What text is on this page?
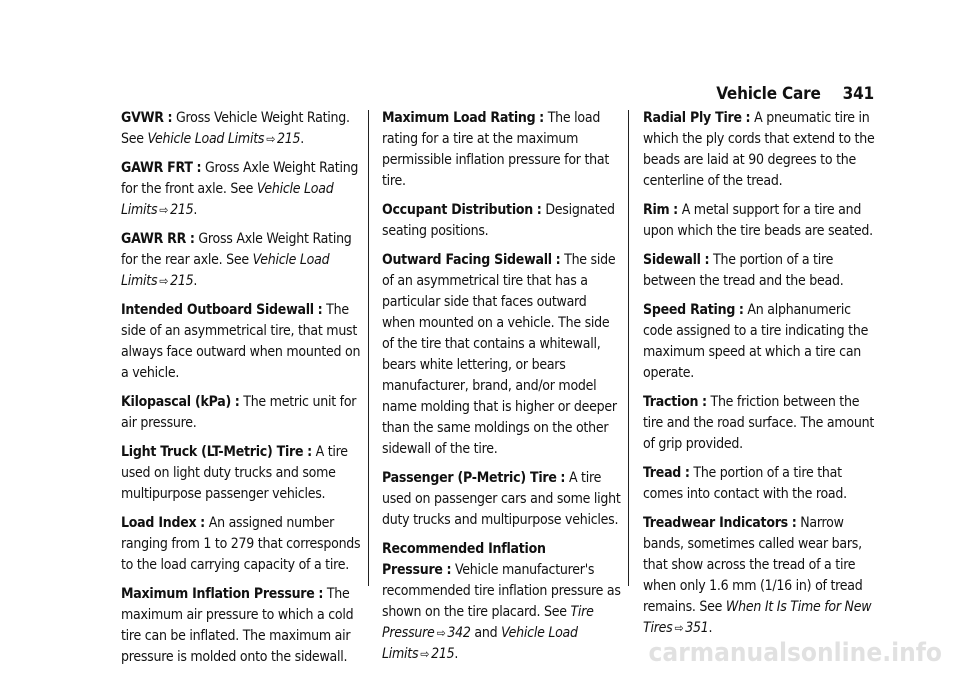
Vehicle Care 341

GVWR : Gross Vehicle Weight Rating. See Vehicle Load Limits ⇨ 215.

GAWR FRT : Gross Axle Weight Rating for the front axle. See Vehicle Load Limits ⇨ 215.

GAWR RR : Gross Axle Weight Rating for the rear axle. See Vehicle Load Limits ⇨ 215.

Intended Outboard Sidewall : The side of an asymmetrical tire, that must always face outward when mounted on a vehicle.

Kilopascal (kPa) : The metric unit for air pressure.

Light Truck (LT-Metric) Tire : A tire used on light duty trucks and some multipurpose passenger vehicles.

Load Index : An assigned number ranging from 1 to 279 that corresponds to the load carrying capacity of a tire.

Maximum Inflation Pressure : The maximum air pressure to which a cold tire can be inflated. The maximum air pressure is molded onto the sidewall.

Maximum Load Rating : The load rating for a tire at the maximum permissible inflation pressure for that tire.

Occupant Distribution : Designated seating positions.

Outward Facing Sidewall : The side of an asymmetrical tire that has a particular side that faces outward when mounted on a vehicle. The side of the tire that contains a whitewall, bears white lettering, or bears manufacturer, brand, and/or model name molding that is higher or deeper than the same moldings on the other sidewall of the tire.

Passenger (P-Metric) Tire : A tire used on passenger cars and some light duty trucks and multipurpose vehicles.

Recommended Inflation Pressure : Vehicle manufacturer's recommended tire inflation pressure as shown on the tire placard. See Tire Pressure ⇨ 342 and Vehicle Load Limits ⇨ 215.

Radial Ply Tire : A pneumatic tire in which the ply cords that extend to the beads are laid at 90 degrees to the centerline of the tread.

Rim : A metal support for a tire and upon which the tire beads are seated.

Sidewall : The portion of a tire between the tread and the bead.

Speed Rating : An alphanumeric code assigned to a tire indicating the maximum speed at which a tire can operate.

Traction : The friction between the tire and the road surface. The amount of grip provided.

Tread : The portion of a tire that comes into contact with the road.

Treadwear Indicators : Narrow bands, sometimes called wear bars, that show across the tread of a tire when only 1.6 mm (1/16 in) of tread remains. See When It Is Time for New Tires ⇨ 351.

carmanualsonline.info
